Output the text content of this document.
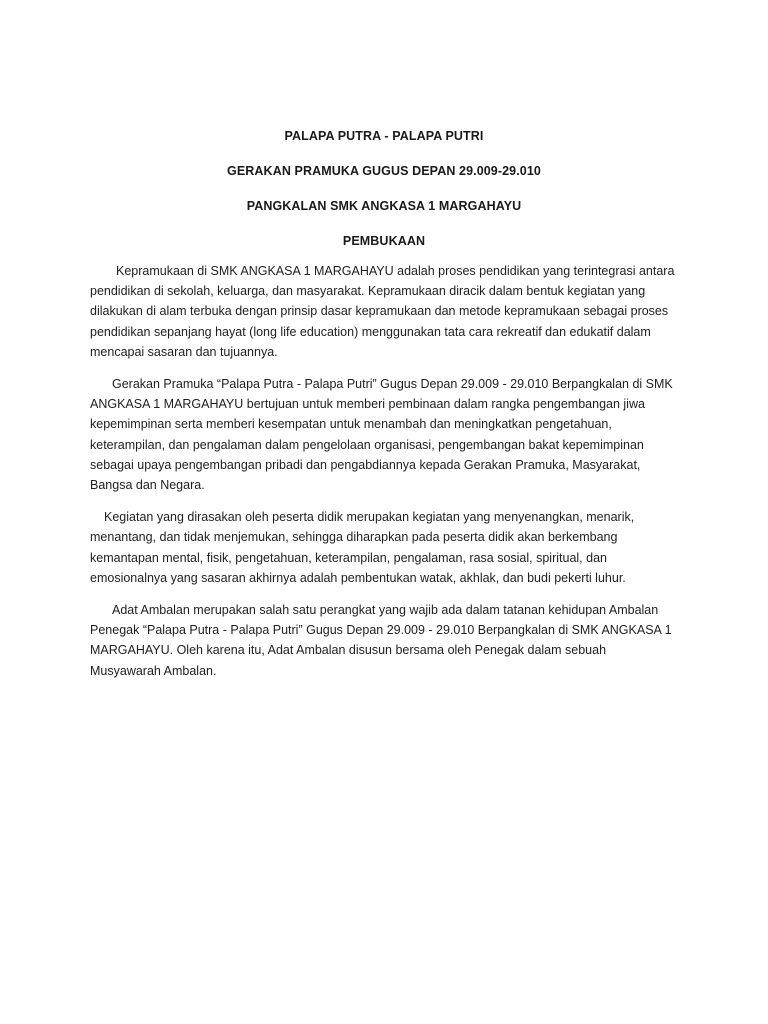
PALAPA PUTRA - PALAPA PUTRI
GERAKAN PRAMUKA GUGUS DEPAN 29.009-29.010
PANGKALAN SMK ANGKASA 1 MARGAHAYU
PEMBUKAAN
Kepramukaan di SMK ANGKASA 1 MARGAHAYU adalah proses pendidikan yang terintegrasi antara
pendidikan di sekolah, keluarga, dan masyarakat. Kepramukaan diracik dalam bentuk kegiatan yang
dilakukan di alam terbuka dengan prinsip dasar kepramukaan dan metode kepramukaan sebagai proses
pendidikan sepanjang hayat (long life education) menggunakan tata cara rekreatif dan edukatif dalam
mencapai sasaran dan tujuannya.
Gerakan Pramuka “Palapa Putra - Palapa Putri” Gugus Depan 29.009 - 29.010 Berpangkalan di SMK
ANGKASA 1 MARGAHAYU bertujuan untuk memberi pembinaan dalam rangka pengembangan jiwa
kepemimpinan serta memberi kesempatan untuk menambah dan meningkatkan pengetahuan,
keterampilan, dan pengalaman dalam pengelolaan organisasi, pengembangan bakat kepemimpinan
sebagai upaya pengembangan pribadi dan pengabdiannya kepada Gerakan Pramuka, Masyarakat,
Bangsa dan Negara.
Kegiatan yang dirasakan oleh peserta didik merupakan kegiatan yang menyenangkan, menarik,
menantang, dan tidak menjemukan, sehingga diharapkan pada peserta didik akan berkembang
kemantapan mental, fisik, pengetahuan, keterampilan, pengalaman, rasa sosial, spiritual, dan
emosionalnya yang sasaran akhirnya adalah pembentukan watak, akhlak, dan budi pekerti luhur.
Adat Ambalan merupakan salah satu perangkat yang wajib ada dalam tatanan kehidupan Ambalan
Penegak “Palapa Putra - Palapa Putri” Gugus Depan 29.009 - 29.010 Berpangkalan di SMK ANGKASA 1
MARGAHAYU. Oleh karena itu, Adat Ambalan disusun bersama oleh Penegak dalam sebuah
Musyawarah Ambalan.
